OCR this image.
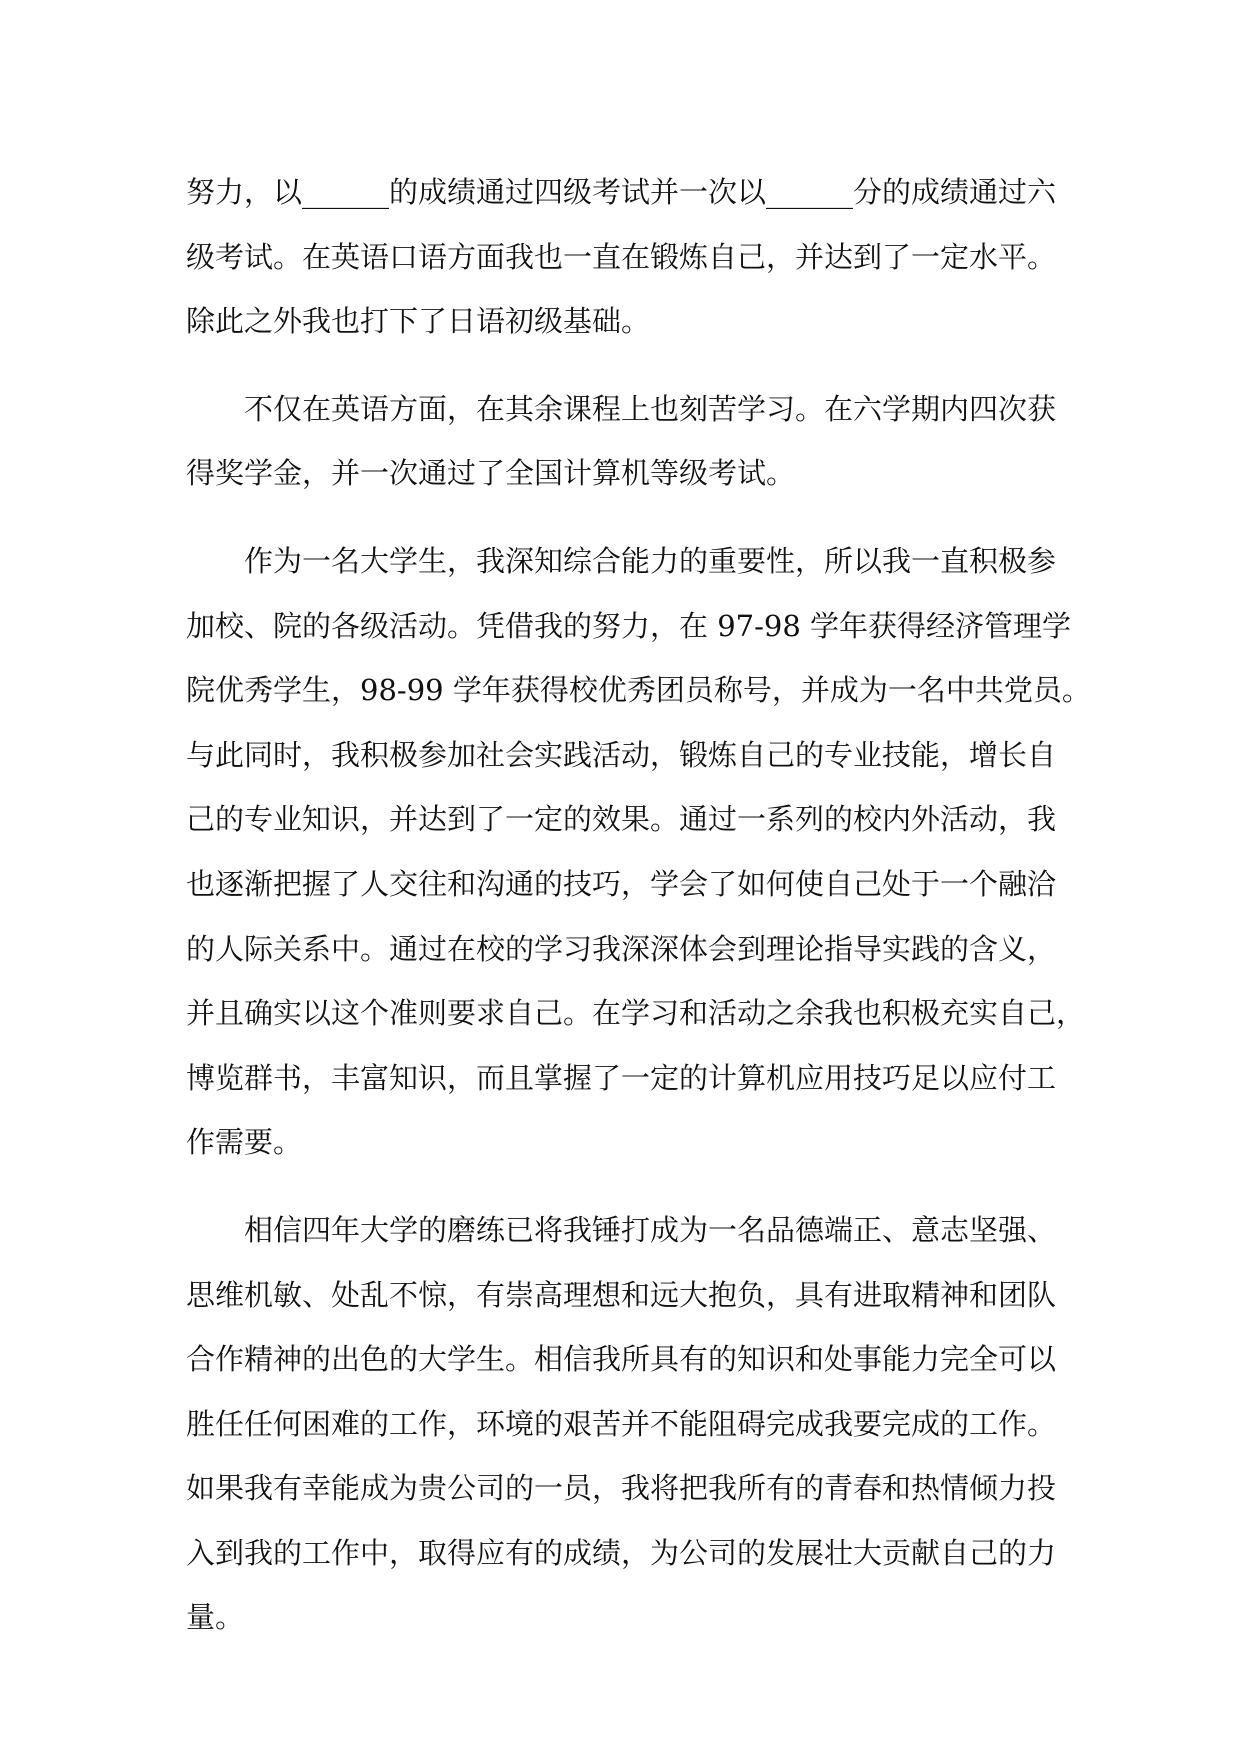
努力，以______的成绩通过四级考试并一次以______分的成绩通过六
级考试。在英语口语方面我也一直在锻炼自己，并达到了一定水平。
除此之外我也打下了日语初级基础。
不仅在英语方面，在其余课程上也刻苦学习。在六学期内四次获
得奖学金，并一次通过了全国计算机等级考试。
作为一名大学生，我深知综合能力的重要性，所以我一直积极参
加校、院的各级活动。凭借我的努力，在 97-98 学年获得经济管理学
院优秀学生，98-99 学年获得校优秀团员称号，并成为一名中共党员。
与此同时，我积极参加社会实践活动，锻炼自己的专业技能，增长自
己的专业知识，并达到了一定的效果。通过一系列的校内外活动，我
也逐渐把握了人交往和沟通的技巧，学会了如何使自己处于一个融洽
的人际关系中。通过在校的学习我深深体会到理论指导实践的含义，
并且确实以这个准则要求自己。在学习和活动之余我也积极充实自己，
博览群书，丰富知识，而且掌握了一定的计算机应用技巧足以应付工
作需要。
相信四年大学的磨练已将我锤打成为一名品德端正、意志坚强、
思维机敏、处乱不惊，有崇高理想和远大抱负，具有进取精神和团队
合作精神的出色的大学生。相信我所具有的知识和处事能力完全可以
胜任任何困难的工作，环境的艰苦并不能阻碍完成我要完成的工作。
如果我有幸能成为贵公司的一员，我将把我所有的青春和热情倾力投
入到我的工作中，取得应有的成绩，为公司的发展壮大贡献自己的力
量。
